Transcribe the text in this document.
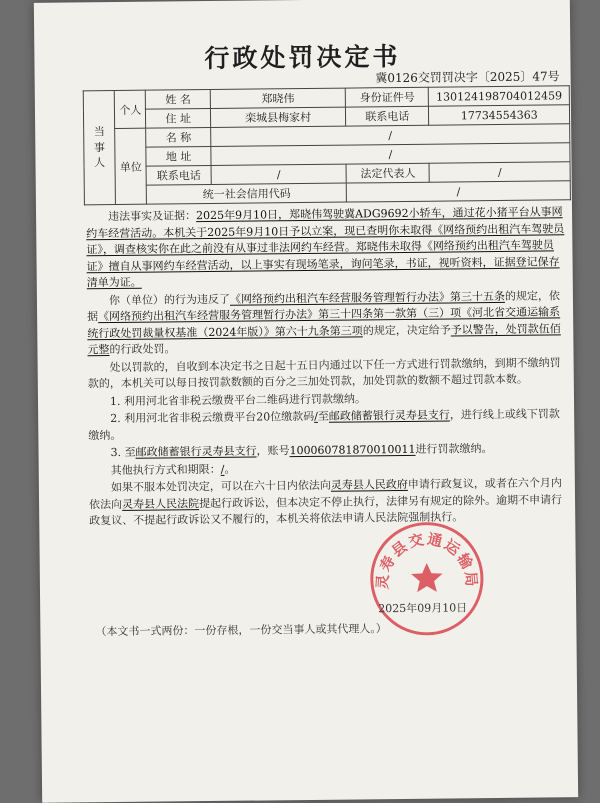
行政处罚决定书
冀0126交罚罚决字〔2025〕47号
当事人	个人	姓 名	郑晓伟	身份证件号	130124198704012459
		住 址	栾城县梅家村	联系电话	17734554363

	单位	名 称	/		
		地 址	/		
		联系电话	/	法定代表人	/
		统一社会信用代码		/	

违法事实及证据：2025年9月10日，郑晓伟驾驶冀ADG9692小轿车，通过花小猪平台从事网约车经营活动。本机关于2025年9月10日予以立案，现已查明你未取得《网络预约出租汽车驾驶员证》，调查核实你在此之前没有从事过非法网约车经营。郑晓伟未取得《网络预约出租汽车驾驶员证》擅自从事网约车经营活动，以上事实有现场笔录，询问笔录，书证，视听资料，证据登记保存清单为证。

你（单位）的行为违反了《网络预约出租汽车经营服务管理暂行办法》第三十五条的规定，依据《网络预约出租汽车经营服务管理暂行办法》第三十四条第一款第（三）项《河北省交通运输系统行政处罚裁量权基准（2024年版）》第六十九条第三项的规定，决定给予予以警告，处罚款伍佰元整的行政处罚。

处以罚款的，自收到本决定书之日起十五日内通过以下任一方式进行罚款缴纳，到期不缴纳罚款的，本机关可以每日按罚款数额的百分之三加处罚款，加处罚款的数额不超过罚款本数。

1. 利用河北省非税云缴费平台二维码进行罚款缴纳。

2. 利用河北省非税云缴费平台20位缴款码/至邮政储蓄银行灵寿县支行，进行线上或线下罚款缴纳。

3. 至邮政储蓄银行灵寿县支行，账号100060781870010011进行罚款缴纳。

其他执行方式和期限：/。

如果不服本处罚决定，可以在六十日内依法向灵寿县人民政府申请行政复议，或者在六个月内依法向灵寿县人民法院提起行政诉讼，但本决定不停止执行，法律另有规定的除外。逾期不申请行政复议、不提起行政诉讼又不履行的，本机关将依法申请人民法院强制执行。

灵寿县交通运输局
2025年09月10日
（本文书一式两份：一份存根，一份交当事人或其代理人。）
